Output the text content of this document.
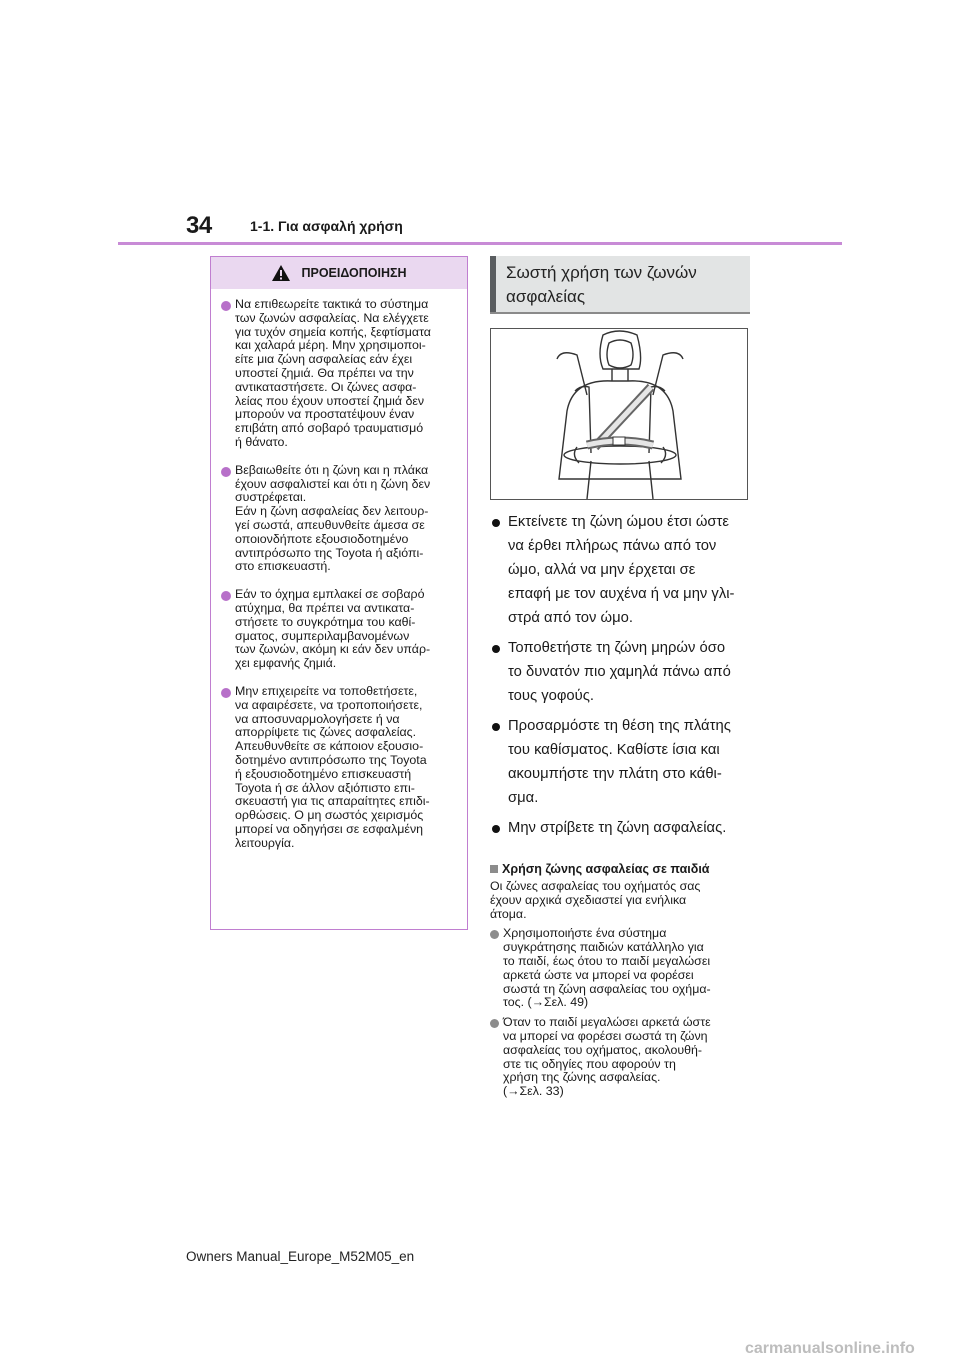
34	1-1. Για ασφαλή χρήση
ΠΡΟΕΙΔΟΠΟΙΗΣΗ
Να επιθεωρείτε τακτικά το σύστημα
των ζωνών ασφαλείας. Να ελέγχετε
για τυχόν σημεία κοπής, ξεφτίσματα
και χαλαρά μέρη. Μην χρησιμοποι-
είτε μια ζώνη ασφαλείας εάν έχει
υποστεί ζημιά. Θα πρέπει να την
αντικαταστήσετε. Οι ζώνες ασφα-
λείας που έχουν υποστεί ζημιά δεν
μπορούν να προστατέψουν έναν
επιβάτη από σοβαρό τραυματισμό
ή θάνατο.
Βεβαιωθείτε ότι η ζώνη και η πλάκα
έχουν ασφαλιστεί και ότι η ζώνη δεν
συστρέφεται.
Εάν η ζώνη ασφαλείας δεν λειτουρ-
γεί σωστά, απευθυνθείτε άμεσα σε
οποιονδήποτε εξουσιοδοτημένο
αντιπρόσωπο της Toyota ή αξιόπι-
στο επισκευαστή.
Εάν το όχημα εμπλακεί σε σοβαρό
ατύχημα, θα πρέπει να αντικατα-
στήσετε το συγκρότημα του καθί-
σματος, συμπεριλαμβανομένων
των ζωνών, ακόμη κι εάν δεν υπάρ-
χει εμφανής ζημιά.
Μην επιχειρείτε να τοποθετήσετε,
να αφαιρέσετε, να τροποποιήσετε,
να αποσυναρμολογήσετε ή να
απορρίψετε τις ζώνες ασφαλείας.
Απευθυνθείτε σε κάποιον εξουσιο-
δοτημένο αντιπρόσωπο της Toyota
ή εξουσιοδοτημένο επισκευαστή
Toyota ή σε άλλον αξιόπιστο επι-
σκευαστή για τις απαραίτητες επιδι-
ορθώσεις. Ο μη σωστός χειρισμός
μπορεί να οδηγήσει σε εσφαλμένη
λειτουργία.
Σωστή χρήση των ζωνών
ασφαλείας
Εκτείνετε τη ζώνη ώμου έτσι ώστε
να έρθει πλήρως πάνω από τον
ώμο, αλλά να μην έρχεται σε
επαφή με τον αυχένα ή να μην γλι-
στρά από τον ώμο.
Τοποθετήστε τη ζώνη μηρών όσο
το δυνατόν πιο χαμηλά πάνω από
τους γοφούς.
Προσαρμόστε τη θέση της πλάτης
του καθίσματος. Καθίστε ίσια και
ακουμπήστε την πλάτη στο κάθι-
σμα.
Μην στρίβετε τη ζώνη ασφαλείας.
Χρήση ζώνης ασφαλείας σε παιδιά
Οι ζώνες ασφαλείας του οχήματός σας
έχουν αρχικά σχεδιαστεί για ενήλικα
άτομα.
Χρησιμοποιήστε ένα σύστημα
συγκράτησης παιδιών κατάλληλο για
το παιδί, έως ότου το παιδί μεγαλώσει
αρκετά ώστε να μπορεί να φορέσει
σωστά τη ζώνη ασφαλείας του οχήμα-
τος. (→Σελ. 49)
Όταν το παιδί μεγαλώσει αρκετά ώστε
να μπορεί να φορέσει σωστά τη ζώνη
ασφαλείας του οχήματος, ακολουθή-
στε τις οδηγίες που αφορούν τη
χρήση της ζώνης ασφαλείας.
(→Σελ. 33)
Owners Manual_Europe_M52M05_en
carmanualsonline.info
